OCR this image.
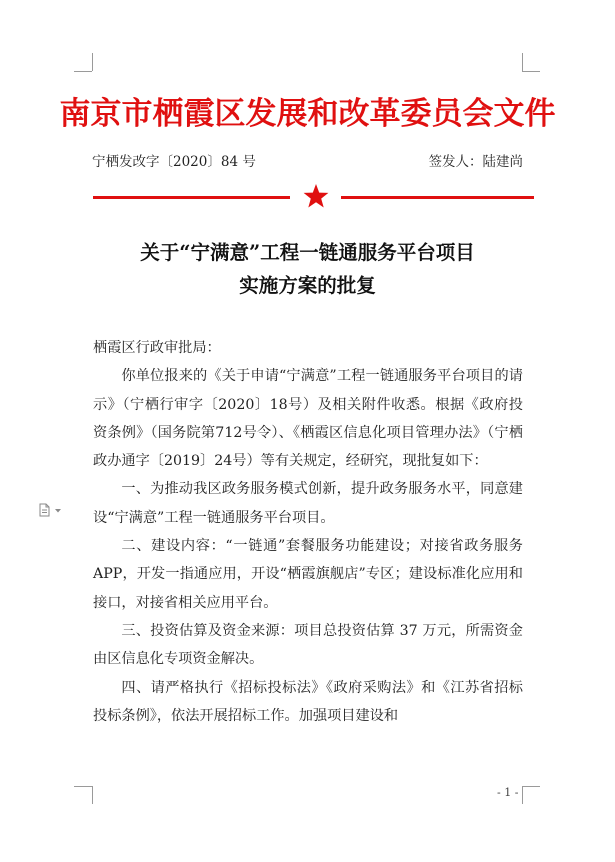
南京市栖霞区发展和改革委员会文件
宁栖发改字〔2020〕84 号	签发人：陆建尚
关于“宁满意”工程一链通服务平台项目
实施方案的批复

栖霞区行政审批局：

你单位报来的《关于申请“宁满意”工程一链通服务平台项目的请示》（宁栖行审字〔2020〕18号）及相关附件收悉。根据《政府投资条例》（国务院第712号令）、《栖霞区信息化项目管理办法》（宁栖政办通字〔2019〕24号）等有关规定，经研究，现批复如下：

一、为推动我区政务服务模式创新，提升政务服务水平，同意建设“宁满意”工程一链通服务平台项目。

二、建设内容：“一链通”套餐服务功能建设；对接省政务服务 APP，开发一指通应用，开设“栖霞旗舰店”专区；建设标准化应用和接口，对接省相关应用平台。

三、投资估算及资金来源：项目总投资估算 37 万元，所需资金由区信息化专项资金解决。

四、请严格执行《招标投标法》《政府采购法》和《江苏省招标投标条例》，依法开展招标工作。加强项目建设和

- 1 -
